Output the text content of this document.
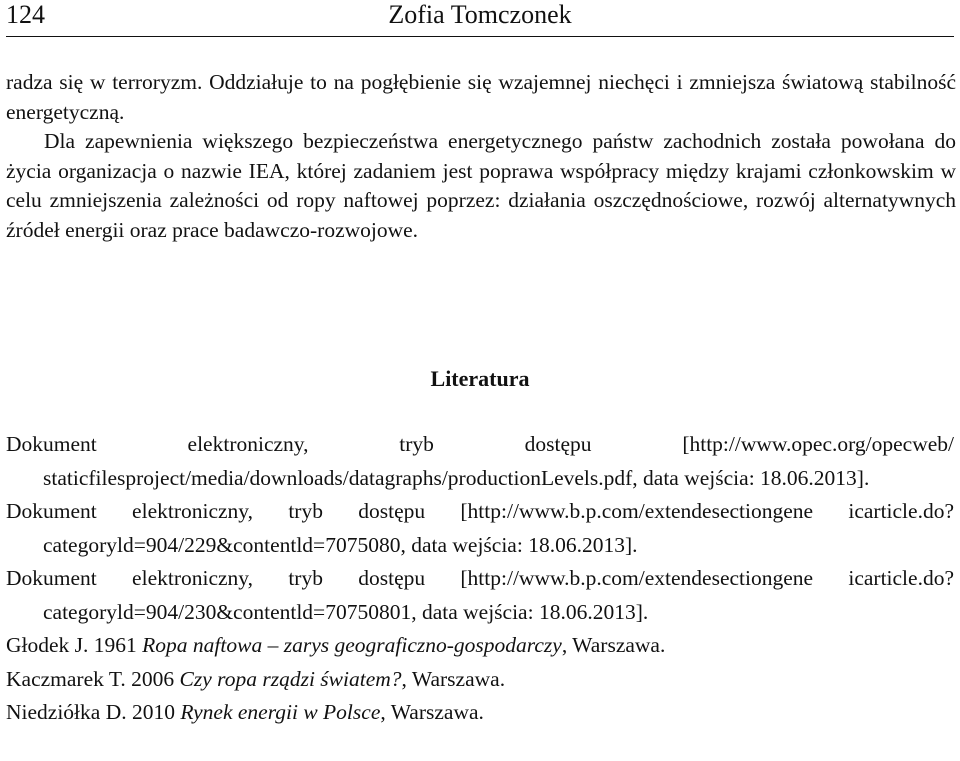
124	Zofia Tomczonek

radza się w terroryzm. Oddziałuje to na pogłębienie się wzajemnej niechęci i zmniejsza światową stabilność energetyczną.

Dla zapewnienia większego bezpieczeństwa energetycznego państw zachodnich została powołana do życia organizacja o nazwie IEA, której zadaniem jest poprawa współpracy między krajami członkowskim w celu zmniejszenia zależności od ropy naftowej poprzez: działania oszczędnościowe, rozwój alternatywnych źródeł energii oraz prace badawczo-rozwojowe.

Literatura
Dokument elektroniczny, tryb dostępu [http://www.opec.org/opecweb/ staticfilesproject/media/downloads/datagraphs/productionLevels.pdf, data wejścia: 18.06.2013].
Dokument elektroniczny, tryb dostępu [http://www.b.p.com/extendesectiongene icarticle.do?categoryld=904/229&contentld=7075080, data wejścia: 18.06.2013].
Dokument elektroniczny, tryb dostępu [http://www.b.p.com/extendesectiongene icarticle.do?categoryld=904/230&contentld=70750801, data wejścia: 18.06.2013].
Głodek J. 1961 Ropa naftowa – zarys geograficzno-gospodarczy, Warszawa.
Kaczmarek T. 2006 Czy ropa rządzi światem?, Warszawa.
Niedziółka D. 2010 Rynek energii w Polsce, Warszawa.
